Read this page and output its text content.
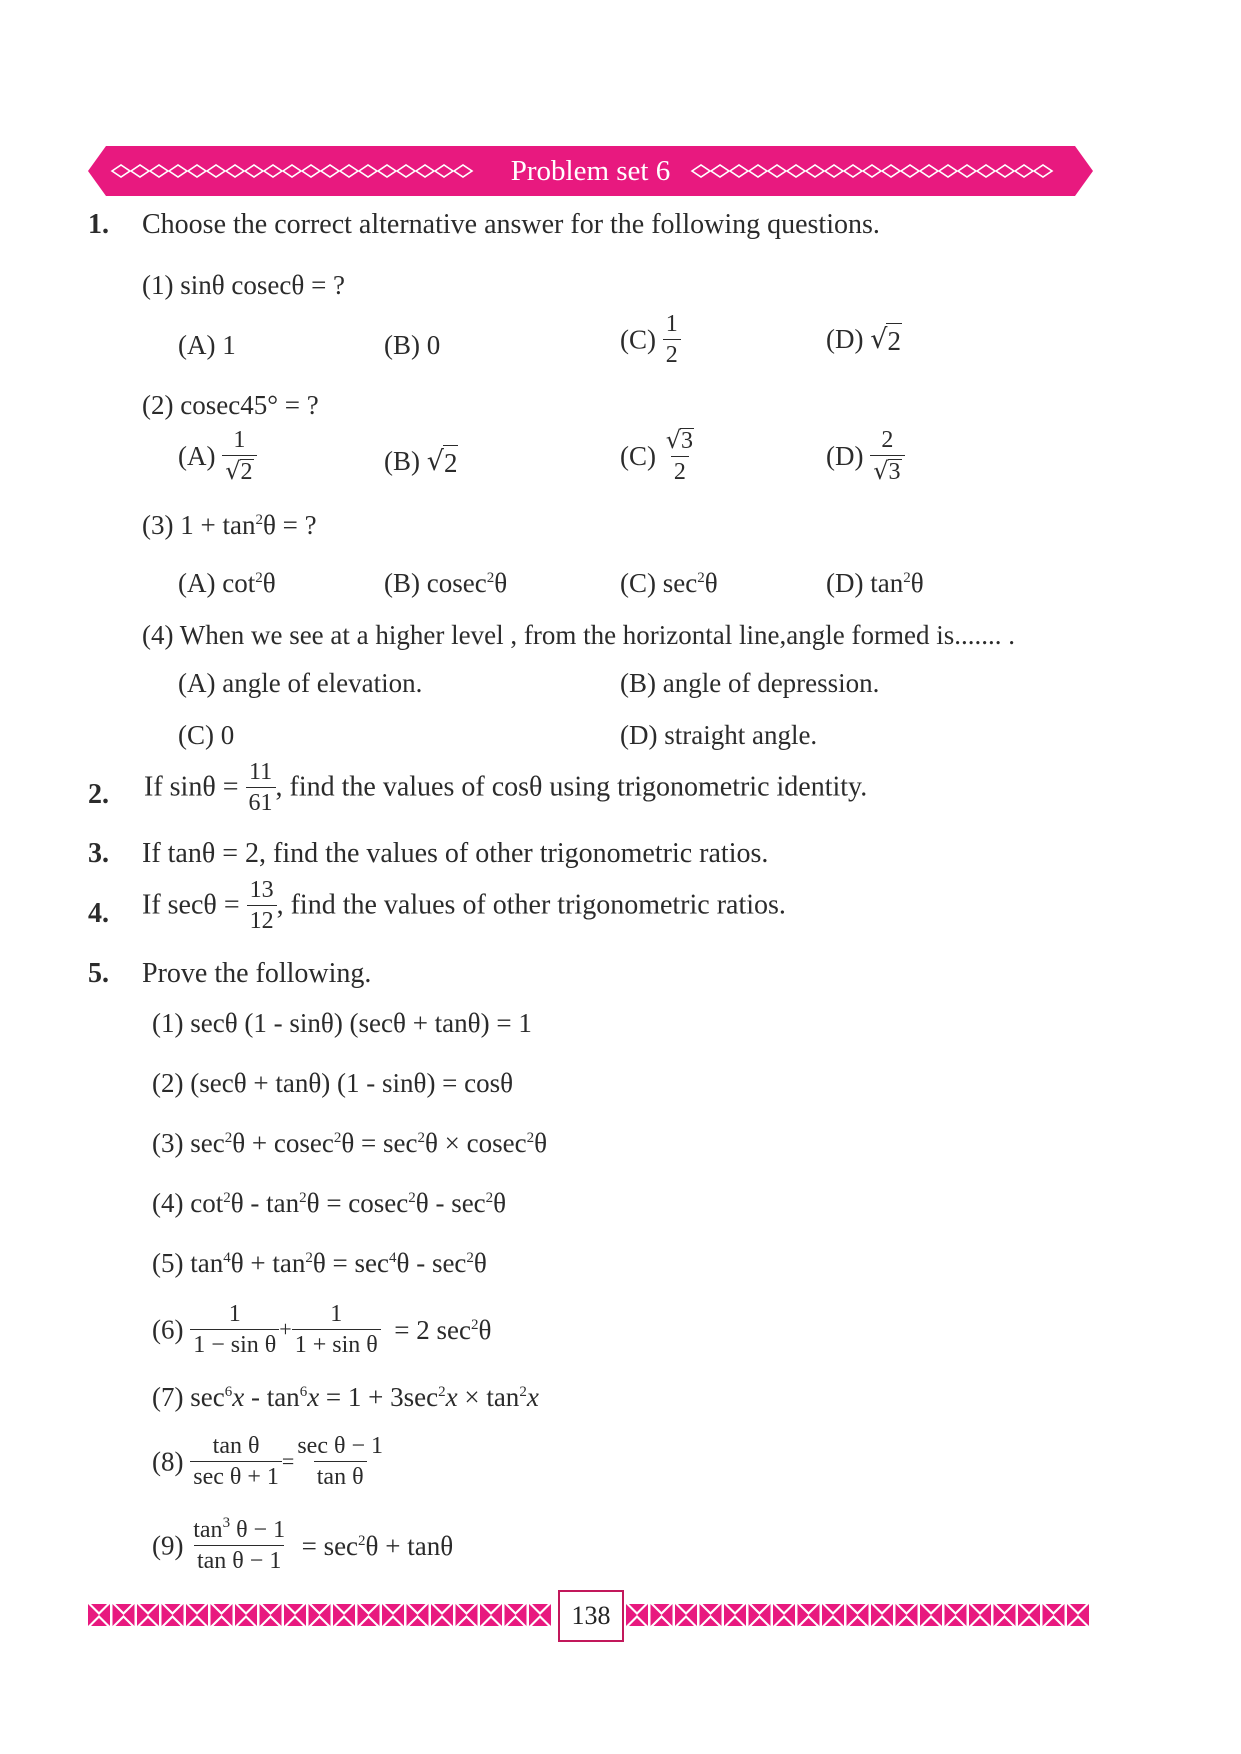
Problem set 6
1. Choose the correct alternative answer for the following questions.
(1) sinθ cosecθ = ?
(A) 1	(B) 0	$(C) \frac{1}{2}$	(D) √ 2
(2) cosec45° = ?
$(A) \frac{1}{√ 2}$	(B) √ 2	$(C) \frac{√ 3}{2}$	$(D) \frac{2}{√ 3}$
(3) $1 + \tan^2\theta$ = ?
(A) $\cot^2\theta$	(B) cosec$^2$θ	(C) $\sec^2\theta$	(D) $\tan^2\theta$
(4) When we see at a higher level , from the horizontal line,angle formed is....... .
(A) angle of elevation.	(B) angle of depression.
(C) 0	(D) straight angle.
2. If $\sin\theta = \frac{11}{61}$ , find the values of cosθ using trigonometric identity.
3. If tanθ = 2, find the values of other trigonometric ratios.
4. If $\sec\theta = \frac{13}{12}$ , find the values of other trigonometric ratios.
5. Prove the following.
(1) secθ (1 - sinθ) (secθ + tanθ) = 1
(2) (secθ + tanθ) (1 - sinθ) = cosθ
(3) $\sec^2\theta + cosec^2\theta = \sec^2\theta \times cosec^2\theta$
(4) $\cot^2\theta - \tan^2\theta = cosec^2\theta - \sec^2\theta$
(5) $\tan^4\theta + \tan^2\theta = \sec^4\theta - \sec^2\theta$
$(6) \frac{1}{\text{1 − sin θ}} + \frac{1}{\text{1 + sin θ}} = 2$ $\sec^2\theta$
(7) $\sec^6x - \tan^6x = 1 + 3\sec^2x \times \tan^2x$
$(8) \frac{\text{tan θ}}{\text{sec θ + 1}} = \frac{\text{sec θ − 1}}{\text{tan θ}}$
$(9) \frac{\tan^3 \theta - 1}{\text{tan θ − 1}} = \sec^2\theta + \tan\theta$
138
